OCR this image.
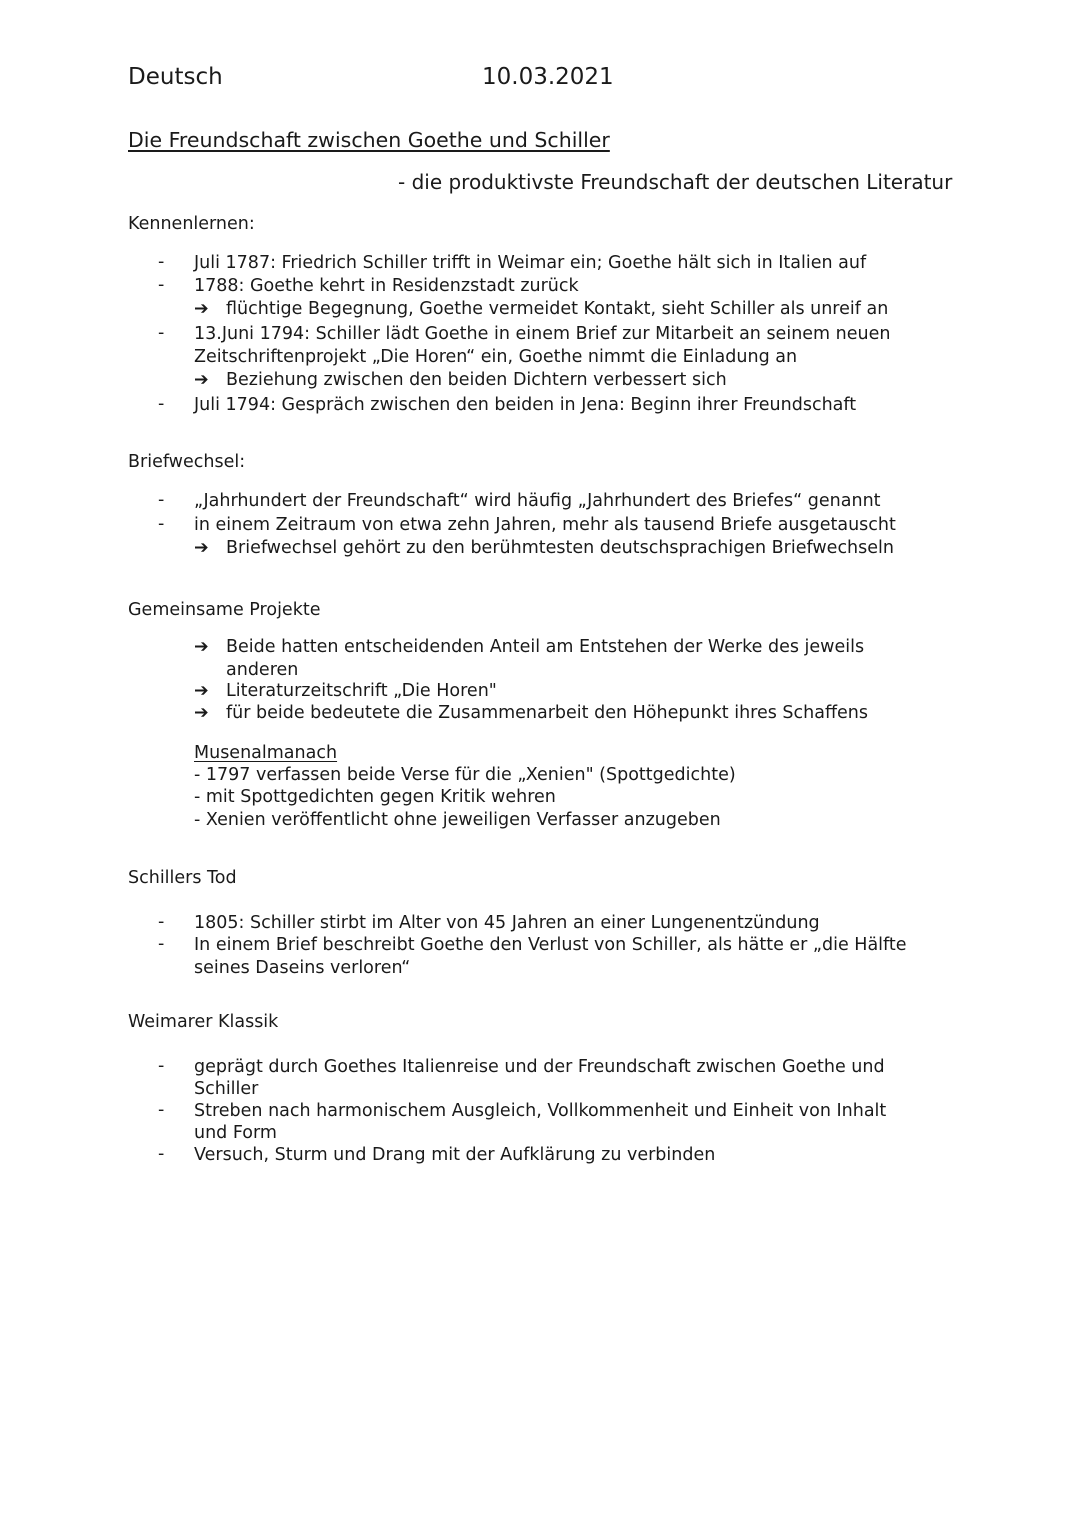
Deutsch	10.03.2021
Die Freundschaft zwischen Goethe und Schiller
- die produktivste Freundschaft der deutschen Literatur
Kennenlernen:
- Juli 1787: Friedrich Schiller trifft in Weimar ein; Goethe hält sich in Italien auf
- 1788: Goethe kehrt in Residenzstadt zurück
➔ flüchtige Begegnung, Goethe vermeidet Kontakt, sieht Schiller als unreif an
- 13.Juni 1794: Schiller lädt Goethe in einem Brief zur Mitarbeit an seinem neuen
Zeitschriftenprojekt „Die Horen“ ein, Goethe nimmt die Einladung an
➔ Beziehung zwischen den beiden Dichtern verbessert sich
- Juli 1794: Gespräch zwischen den beiden in Jena: Beginn ihrer Freundschaft
Briefwechsel:
- „Jahrhundert der Freundschaft“ wird häufig „Jahrhundert des Briefes“ genannt
- in einem Zeitraum von etwa zehn Jahren, mehr als tausend Briefe ausgetauscht
➔ Briefwechsel gehört zu den berühmtesten deutschsprachigen Briefwechseln
Gemeinsame Projekte
➔ Beide hatten entscheidenden Anteil am Entstehen der Werke des jeweils
anderen
➔ Literaturzeitschrift „Die Horen"
➔ für beide bedeutete die Zusammenarbeit den Höhepunkt ihres Schaffens
Musenalmanach
- 1797 verfassen beide Verse für die „Xenien" (Spottgedichte)
- mit Spottgedichten gegen Kritik wehren
- Xenien veröffentlicht ohne jeweiligen Verfasser anzugeben
Schillers Tod
- 1805: Schiller stirbt im Alter von 45 Jahren an einer Lungenentzündung
- In einem Brief beschreibt Goethe den Verlust von Schiller, als hätte er „die Hälfte
seines Daseins verloren“
Weimarer Klassik
- geprägt durch Goethes Italienreise und der Freundschaft zwischen Goethe und
Schiller
- Streben nach harmonischem Ausgleich, Vollkommenheit und Einheit von Inhalt
und Form
- Versuch, Sturm und Drang mit der Aufklärung zu verbinden
